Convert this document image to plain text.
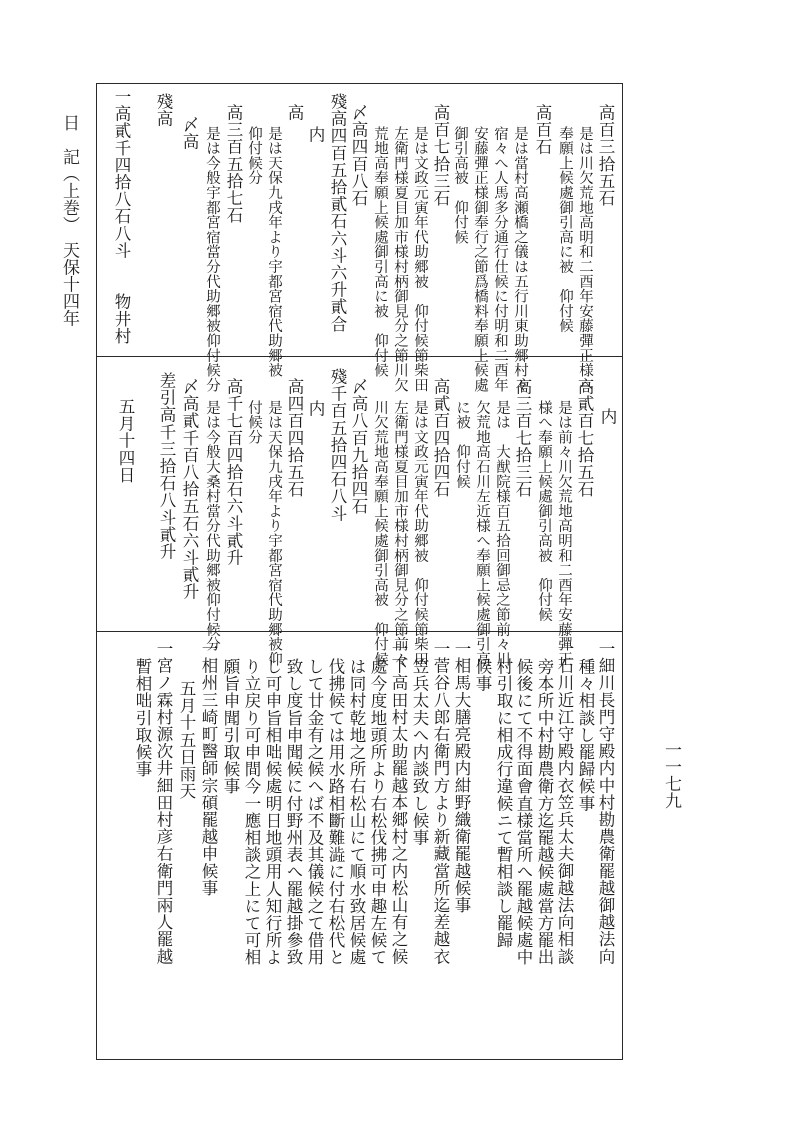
日　記（上巻）　天保十四年
一一七九
高百三拾五石
是は川欠荒地高明和二酉年安藤彈正様へ
奉願上候處御引高に被　仰付候
高百石
是は當村高瀬橋之儀は五行川東助郷村々
宿々へ人馬多分通行仕候に付明和二酉年
安藤彈正様御奉行之節爲橋料奉願上候處
御引高被　仰付候
高百七拾三石
是は文政元寅年代助郷被　仰付候節柴田
左衛門様夏目加市様村柄御見分之節川欠
荒地高奉願上候處御引高に被　仰付候
〆高四百八石
殘高四百五拾貳石六斗六升貳合
内
高
是は天保九戌年より宇都宮宿代助郷被
仰付候分
高三百五拾七石
是は今般宇都宮宿當分代助郷被仰付候分
〆高
殘高
一高貳千四拾八石八斗　　物井村
内
高貳百七拾五石
是は前々川欠荒地高明和二酉年安藤彈正
様へ奉願上候處御引高被　仰付候
高三百七拾三石
是は　大猷院様百五拾回御忌之節前々川
欠荒地高石川左近様へ奉願上候處御引高
に被　仰付候
高貳百四拾四石
是は文政元寅年代助郷被　仰付候節柴田
左衛門様夏目加市様村柄御見分之節前々
川欠荒地高奉願上候處御引高被　仰付候
〆高八百九拾四石
殘千百五拾四石八斗
内
高四百四拾五石
是は天保九戌年より宇都宮宿代助郷被仰
付候分
高千七百四拾石六斗貳升
是は今般大桑村當分代助郷被仰付候分
〆高貳千百八拾五石六斗貳升
差引高千三拾石八斗貳升
五月十四日
一細川長門守殿内中村勘農衛罷越御越法向
種々相談し罷歸候事
一石川近江守殿内衣笠兵太夫御越法向相談
旁本所中村勘農衛方迄罷越候處當方罷出
候後にて不得面會直樣當所へ罷越候處中
村引取に相成行違候ニて暫相談し罷歸
候事
一相馬大膳亮殿内紺野織衛罷越候事
一菅谷八郎右衛門方より新藏當所迄差越衣
笠兵太夫へ内談致し候事
一下高田村太助罷越本郷村之内松山有之候
處今度地頭所より右松伐拂可申趣左候て
は同村乾地之所右松山にて順水致居候處
伐拂候ては用水路相斷難澁に付右松代と
して廿金有之候へば不及其儀候之て借用
致し度旨申聞候に付野州表へ罷越掛參致
し可申旨相咄候處明日地頭用人知行所よ
り立戻り可申間今一應相談之上にて可相
願旨申聞引取候事
一相州三崎町醫師宗碩罷越申候事
五月十五日雨天
一宮ノ霖村源次井細田村彦右衛門兩人罷越
暫相咄引取候事
